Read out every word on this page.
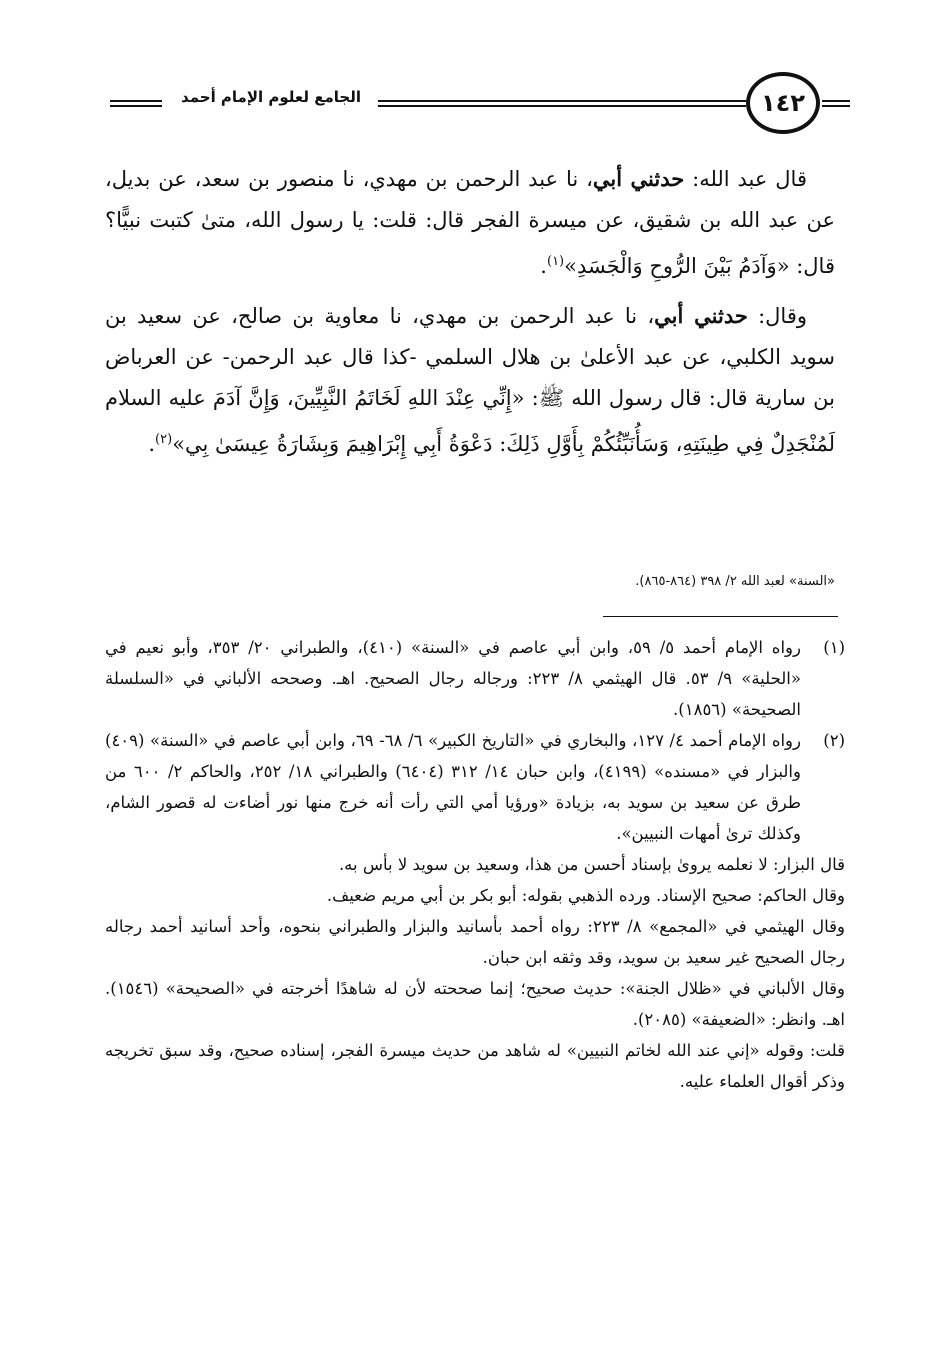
الجامع لعلوم الإمام أحمد	١٤٢

قال عبد الله: حدثني أبي، نا عبد الرحمن بن مهدي، نا منصور بن سعد، عن بديل، عن عبد الله بن شقيق، عن ميسرة الفجر قال: قلت: يا رسول الله، متىٰ كتبت نبيًّا؟ قال: «وَآدَمُ بَيْنَ الرُّوحِ وَالْجَسَدِ»$^{(١)}$.

وقال: حدثني أبي، نا عبد الرحمن بن مهدي، نا معاوية بن صالح، عن سعيد بن سويد الكلبي، عن عبد الأعلىٰ بن هلال السلمي -كذا قال عبد الرحمن- عن العرباض بن سارية قال: قال رسول الله ﷺ: «إِنِّي عِنْدَ اللهِ لَخَاتَمُ النَّبِيِّينَ، وَإِنَّ آدَمَ عليه السلام لَمُنْجَدِلٌ فِي طِينَتِهِ، وَسَأُنَبِّئُكُمْ بِأَوَّلِ ذَلِكَ: دَعْوَةُ أَبِي إِبْرَاهِيمَ وَبِشَارَةُ عِيسَىٰ بِي»$^{(٢)}$.

«السنة» لعبد الله ٢/ ٣٩٨ (٨٦٤-٨٦٥).
(١)
رواه الإمام أحمد ٥/ ٥٩، وابن أبي عاصم في «السنة» (٤١٠)، والطبراني ٢٠/ ٣٥٣، وأبو نعيم في «الحلية» ٩/ ٥٣. قال الهيثمي ٨/ ٢٢٣: ورجاله رجال الصحيح. اهـ. وصححه الألباني في «السلسلة الصحيحة» (١٨٥٦).
(٢)
رواه الإمام أحمد ٤/ ١٢٧، والبخاري في «التاريخ الكبير» ٦/ ٦٨- ٦٩، وابن أبي عاصم في «السنة» (٤٠٩) والبزار في «مسنده» (٤١٩٩)، وابن حبان ١٤/ ٣١٢ (٦٤٠٤) والطبراني ١٨/ ٢٥٢، والحاكم ٢/ ٦٠٠ من طرق عن سعيد بن سويد به، بزيادة «ورؤيا أمي التي رأت أنه خرج منها نور أضاءت له قصور الشام، وكذلك ترىٰ أمهات النبيين».

قال البزار: لا نعلمه يروىٰ بإسناد أحسن من هذا، وسعيد بن سويد لا بأس به.

وقال الحاكم: صحيح الإسناد. ورده الذهبي بقوله: أبو بكر بن أبي مريم ضعيف.

وقال الهيثمي في «المجمع» ٨/ ٢٢٣: رواه أحمد بأسانيد والبزار والطبراني بنحوه، وأحد أسانيد أحمد رجاله رجال الصحيح غير سعيد بن سويد، وقد وثقه ابن حبان.

وقال الألباني في «ظلال الجنة»: حديث صحيح؛ إنما صححته لأن له شاهدًا أخرجته في «الصحيحة» (١٥٤٦). اهـ. وانظر: «الضعيفة» (٢٠٨٥).

قلت: وقوله «إني عند الله لخاتم النبيين» له شاهد من حديث ميسرة الفجر، إسناده صحيح، وقد سبق تخريجه وذكر أقوال العلماء عليه.
